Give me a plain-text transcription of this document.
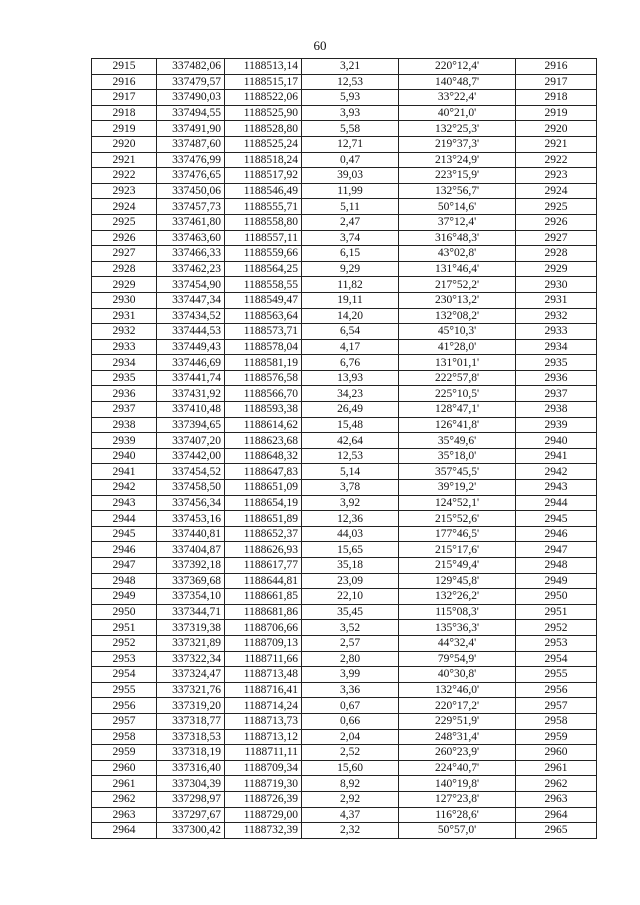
60
2915	337482,06	1188513,14	3,21	220°12,4'	2916
2916	337479,57	1188515,17	12,53	140°48,7'	2917
2917	337490,03	1188522,06	5,93	33°22,4'	2918
2918	337494,55	1188525,90	3,93	40°21,0'	2919
2919	337491,90	1188528,80	5,58	132°25,3'	2920
2920	337487,60	1188525,24	12,71	219°37,3'	2921
2921	337476,99	1188518,24	0,47	213°24,9'	2922
2922	337476,65	1188517,92	39,03	223°15,9'	2923
2923	337450,06	1188546,49	11,99	132°56,7'	2924
2924	337457,73	1188555,71	5,11	50°14,6'	2925
2925	337461,80	1188558,80	2,47	37°12,4'	2926
2926	337463,60	1188557,11	3,74	316°48,3'	2927
2927	337466,33	1188559,66	6,15	43°02,8'	2928
2928	337462,23	1188564,25	9,29	131°46,4'	2929
2929	337454,90	1188558,55	11,82	217°52,2'	2930
2930	337447,34	1188549,47	19,11	230°13,2'	2931
2931	337434,52	1188563,64	14,20	132°08,2'	2932
2932	337444,53	1188573,71	6,54	45°10,3'	2933
2933	337449,43	1188578,04	4,17	41°28,0'	2934
2934	337446,69	1188581,19	6,76	131°01,1'	2935
2935	337441,74	1188576,58	13,93	222°57,8'	2936
2936	337431,92	1188566,70	34,23	225°10,5'	2937
2937	337410,48	1188593,38	26,49	128°47,1'	2938
2938	337394,65	1188614,62	15,48	126°41,8'	2939
2939	337407,20	1188623,68	42,64	35°49,6'	2940
2940	337442,00	1188648,32	12,53	35°18,0'	2941
2941	337454,52	1188647,83	5,14	357°45,5'	2942
2942	337458,50	1188651,09	3,78	39°19,2'	2943
2943	337456,34	1188654,19	3,92	124°52,1'	2944
2944	337453,16	1188651,89	12,36	215°52,6'	2945
2945	337440,81	1188652,37	44,03	177°46,5'	2946
2946	337404,87	1188626,93	15,65	215°17,6'	2947
2947	337392,18	1188617,77	35,18	215°49,4'	2948
2948	337369,68	1188644,81	23,09	129°45,8'	2949
2949	337354,10	1188661,85	22,10	132°26,2'	2950
2950	337344,71	1188681,86	35,45	115°08,3'	2951
2951	337319,38	1188706,66	3,52	135°36,3'	2952
2952	337321,89	1188709,13	2,57	44°32,4'	2953
2953	337322,34	1188711,66	2,80	79°54,9'	2954
2954	337324,47	1188713,48	3,99	40°30,8'	2955
2955	337321,76	1188716,41	3,36	132°46,0'	2956
2956	337319,20	1188714,24	0,67	220°17,2'	2957
2957	337318,77	1188713,73	0,66	229°51,9'	2958
2958	337318,53	1188713,12	2,04	248°31,4'	2959
2959	337318,19	1188711,11	2,52	260°23,9'	2960
2960	337316,40	1188709,34	15,60	224°40,7'	2961
2961	337304,39	1188719,30	8,92	140°19,8'	2962
2962	337298,97	1188726,39	2,92	127°23,8'	2963
2963	337297,67	1188729,00	4,37	116°28,6'	2964
2964	337300,42	1188732,39	2,32	50°57,0'	2965
